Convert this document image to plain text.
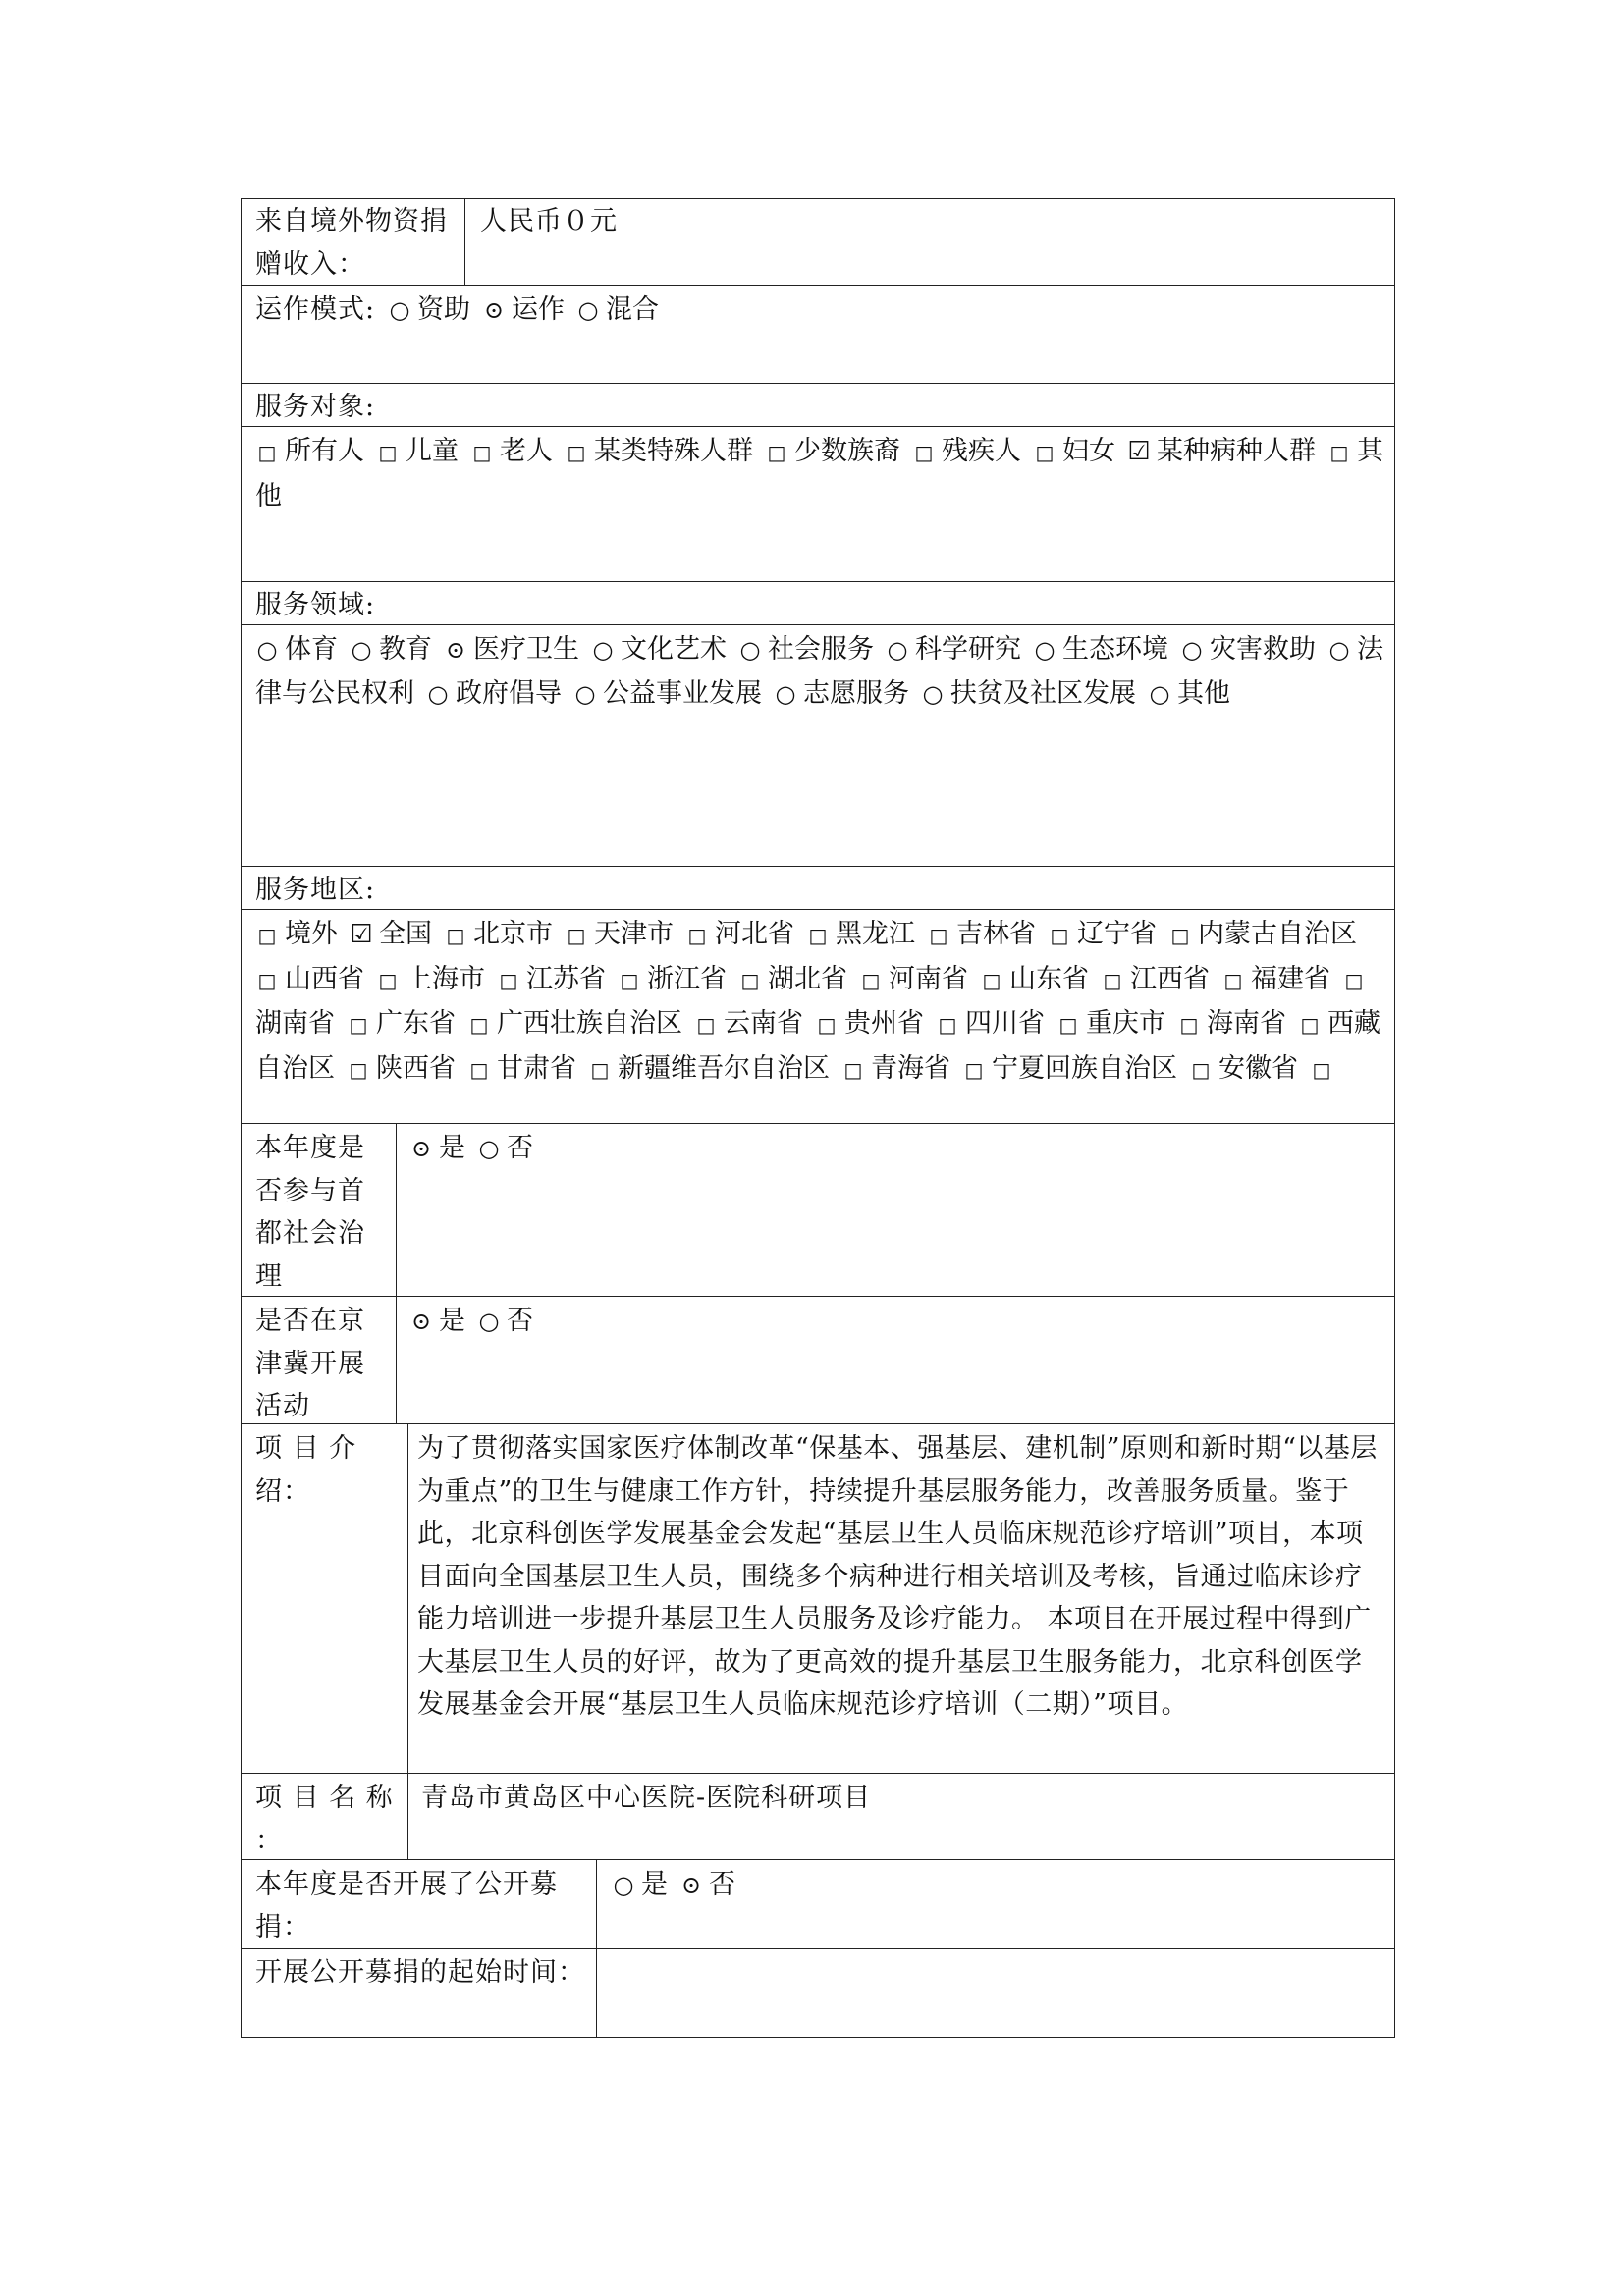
来自境外物资捐赠收入：
人民币０元
运作模式: ○	资助 ⊙ 运作 ○ 混合
服务对象:
□所有人 □ 儿童 □ 老人 □ 某类特殊人群 □ 少数族裔 □ 残疾人 □ 妇女 ☑ 某种病种人群 □ 其他
服务领域:
○体育 ○ 教育 ⊙ 医疗卫生 ○ 文化艺术 ○ 社会服务 ○ 科学研究 ○ 生态环境 ○ 灾害救助 ○ 法律与公民权利 ○ 政府倡导 ○ 公益事业发展 ○ 志愿服务 ○ 扶贫及社区发展○ 其他
服务地区:
□境外 ☑ 全国 □ 北京市 □ 天津市 □ 河北省 □ 黑龙江 □ 吉林省 □ 辽宁省 □ 内蒙古自治区□山西省 □ 上海市 □ 江苏省 □ 浙江省 □ 湖北省 □ 河南省 □ 山东省 □ 江西省 □ 福建省□湖南省 □ 广东省 □ 广西壮族自治区 □ 云南省 □ 贵州省 □ 四川省 □ 重庆市 □ 海南省 □ 西藏自治区 □ 陕西省 □ 甘肃省 □ 新疆维吾尔自治区 □ 青海省 □ 宁夏回族自治区 □ 安徽省□
本年度是否参与首都社会治理
⊙是 ○ 否
是否在京津冀开展活动
⊙是 ○ 否
项 目 介绍：
为了贯彻落实国家医疗体制改革“保基本、强基层、建机制”原则和新时期“以基层为重点”的卫生与健康工作方针，持续提升基层服务能力，改善服务质量。鉴于此，北京科创医学发展基金会发起“基层卫生人员临床规范诊疗培训”项目，本项目面向全国基层卫生人员，围绕多个病种进行相关培训及考核，旨通过临床诊疗能力培训进一步提升基层卫生人员服务及诊疗能力。 本项目在开展过程中得到广大基层卫生人员的好评，故为了更高效的提升基层卫生服务能力，北京科创医学发展基金会开展“基层卫生人员临床规范诊疗培训（二期）”项目。
项 目 名 称 ：
青岛市黄岛区中心医院-医院科研项目
本年度是否开展了公开募捐：
○是 ⊙ 否
开展公开募捐的起始时间：
